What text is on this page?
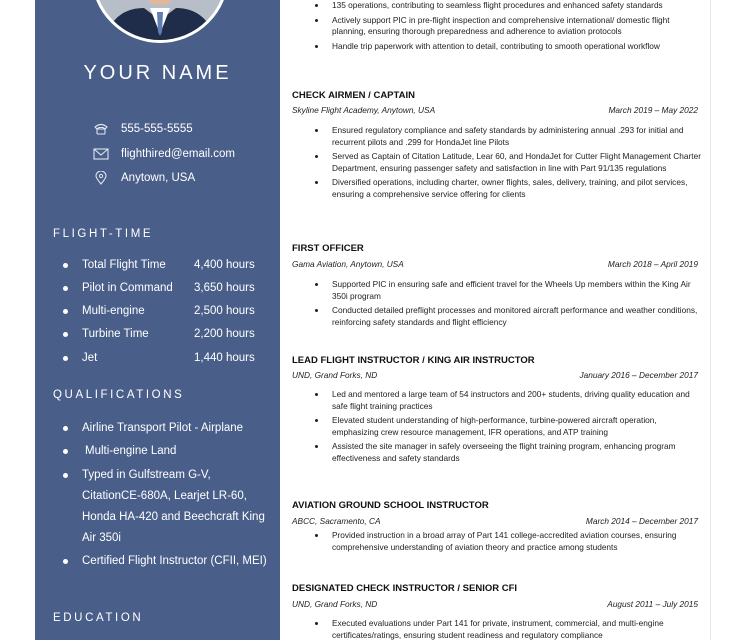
YOUR NAME
555-555-5555
flighthired@email.com
Anytown, USA
FLIGHT-TIME
Total Flight Time 4,400 hours
Pilot in Command 3,650 hours
Multi-engine	2,500 hours
Turbine Time	2,200 hours
Jet	1,440 hours
QUALIFICATIONS
Airline Transport Pilot - Airplane
Multi-engine Land
Typed in Gulfstream G-V, CitationCE-680A, Learjet LR-60, Honda HA-420 and Beechcraft King Air 350i
Certified Flight Instructor (CFII, MEI)
EDUCATION
135 operations, contributing to seamless flight procedures and enhanced safety standards
Actively support PIC in pre-flight inspection and comprehensive international/ domestic flight planning, ensuring thorough preparedness and adherence to aviation protocols
Handle trip paperwork with attention to detail, contributing to smooth operational workflow
CHECK AIRMEN / CAPTAIN
Skyline Flight Academy, Anytown, USA	March 2019 – May 2022
Ensured regulatory compliance and safety standards by administering annual .293 for initial and recurrent pilots and .299 for HondaJet line Pilots
Served as Captain of Citation Latitude, Lear 60, and HondaJet for Cutter Flight Management Charter Department, ensuring passenger safety and satisfaction in line with Part 91/135 regulations
Diversified operations, including charter, owner flights, sales, delivery, training, and pilot services, ensuring a comprehensive service offering for clients
FIRST OFFICER
Gama Aviation, Anytown, USA	March 2018 – April 2019
Supported PIC in ensuring safe and efficient travel for the Wheels Up members within the King Air 350i program
Conducted detailed preflight processes and monitored aircraft performance and weather conditions, reinforcing safety standards and flight efficiency
LEAD FLIGHT INSTRUCTOR / KING AIR INSTRUCTOR
UND, Grand Forks, ND	January 2016 – December 2017
Led and mentored a large team of 54 instructors and 200+ students, driving quality education and safe flight training practices
Elevated student understanding of high-performance, turbine-powered aircraft operation, emphasizing crew resource management, IFR operations, and ATP training
Assisted the site manager in safely overseeing the flight training program, enhancing program effectiveness and safety standards
AVIATION GROUND SCHOOL INSTRUCTOR
ABCC, Sacramento, CA	March 2014 – December 2017
Provided instruction in a broad array of Part 141 college-accredited aviation courses, ensuring comprehensive understanding of aviation theory and practice among students
DESIGNATED CHECK INSTRUCTOR / SENIOR CFI
UND, Grand Forks, ND	August 2011 – July 2015
Executed evaluations under Part 141 for private, instrument, commercial, and multi-engine certificates/ratings, ensuring student readiness and regulatory compliance
